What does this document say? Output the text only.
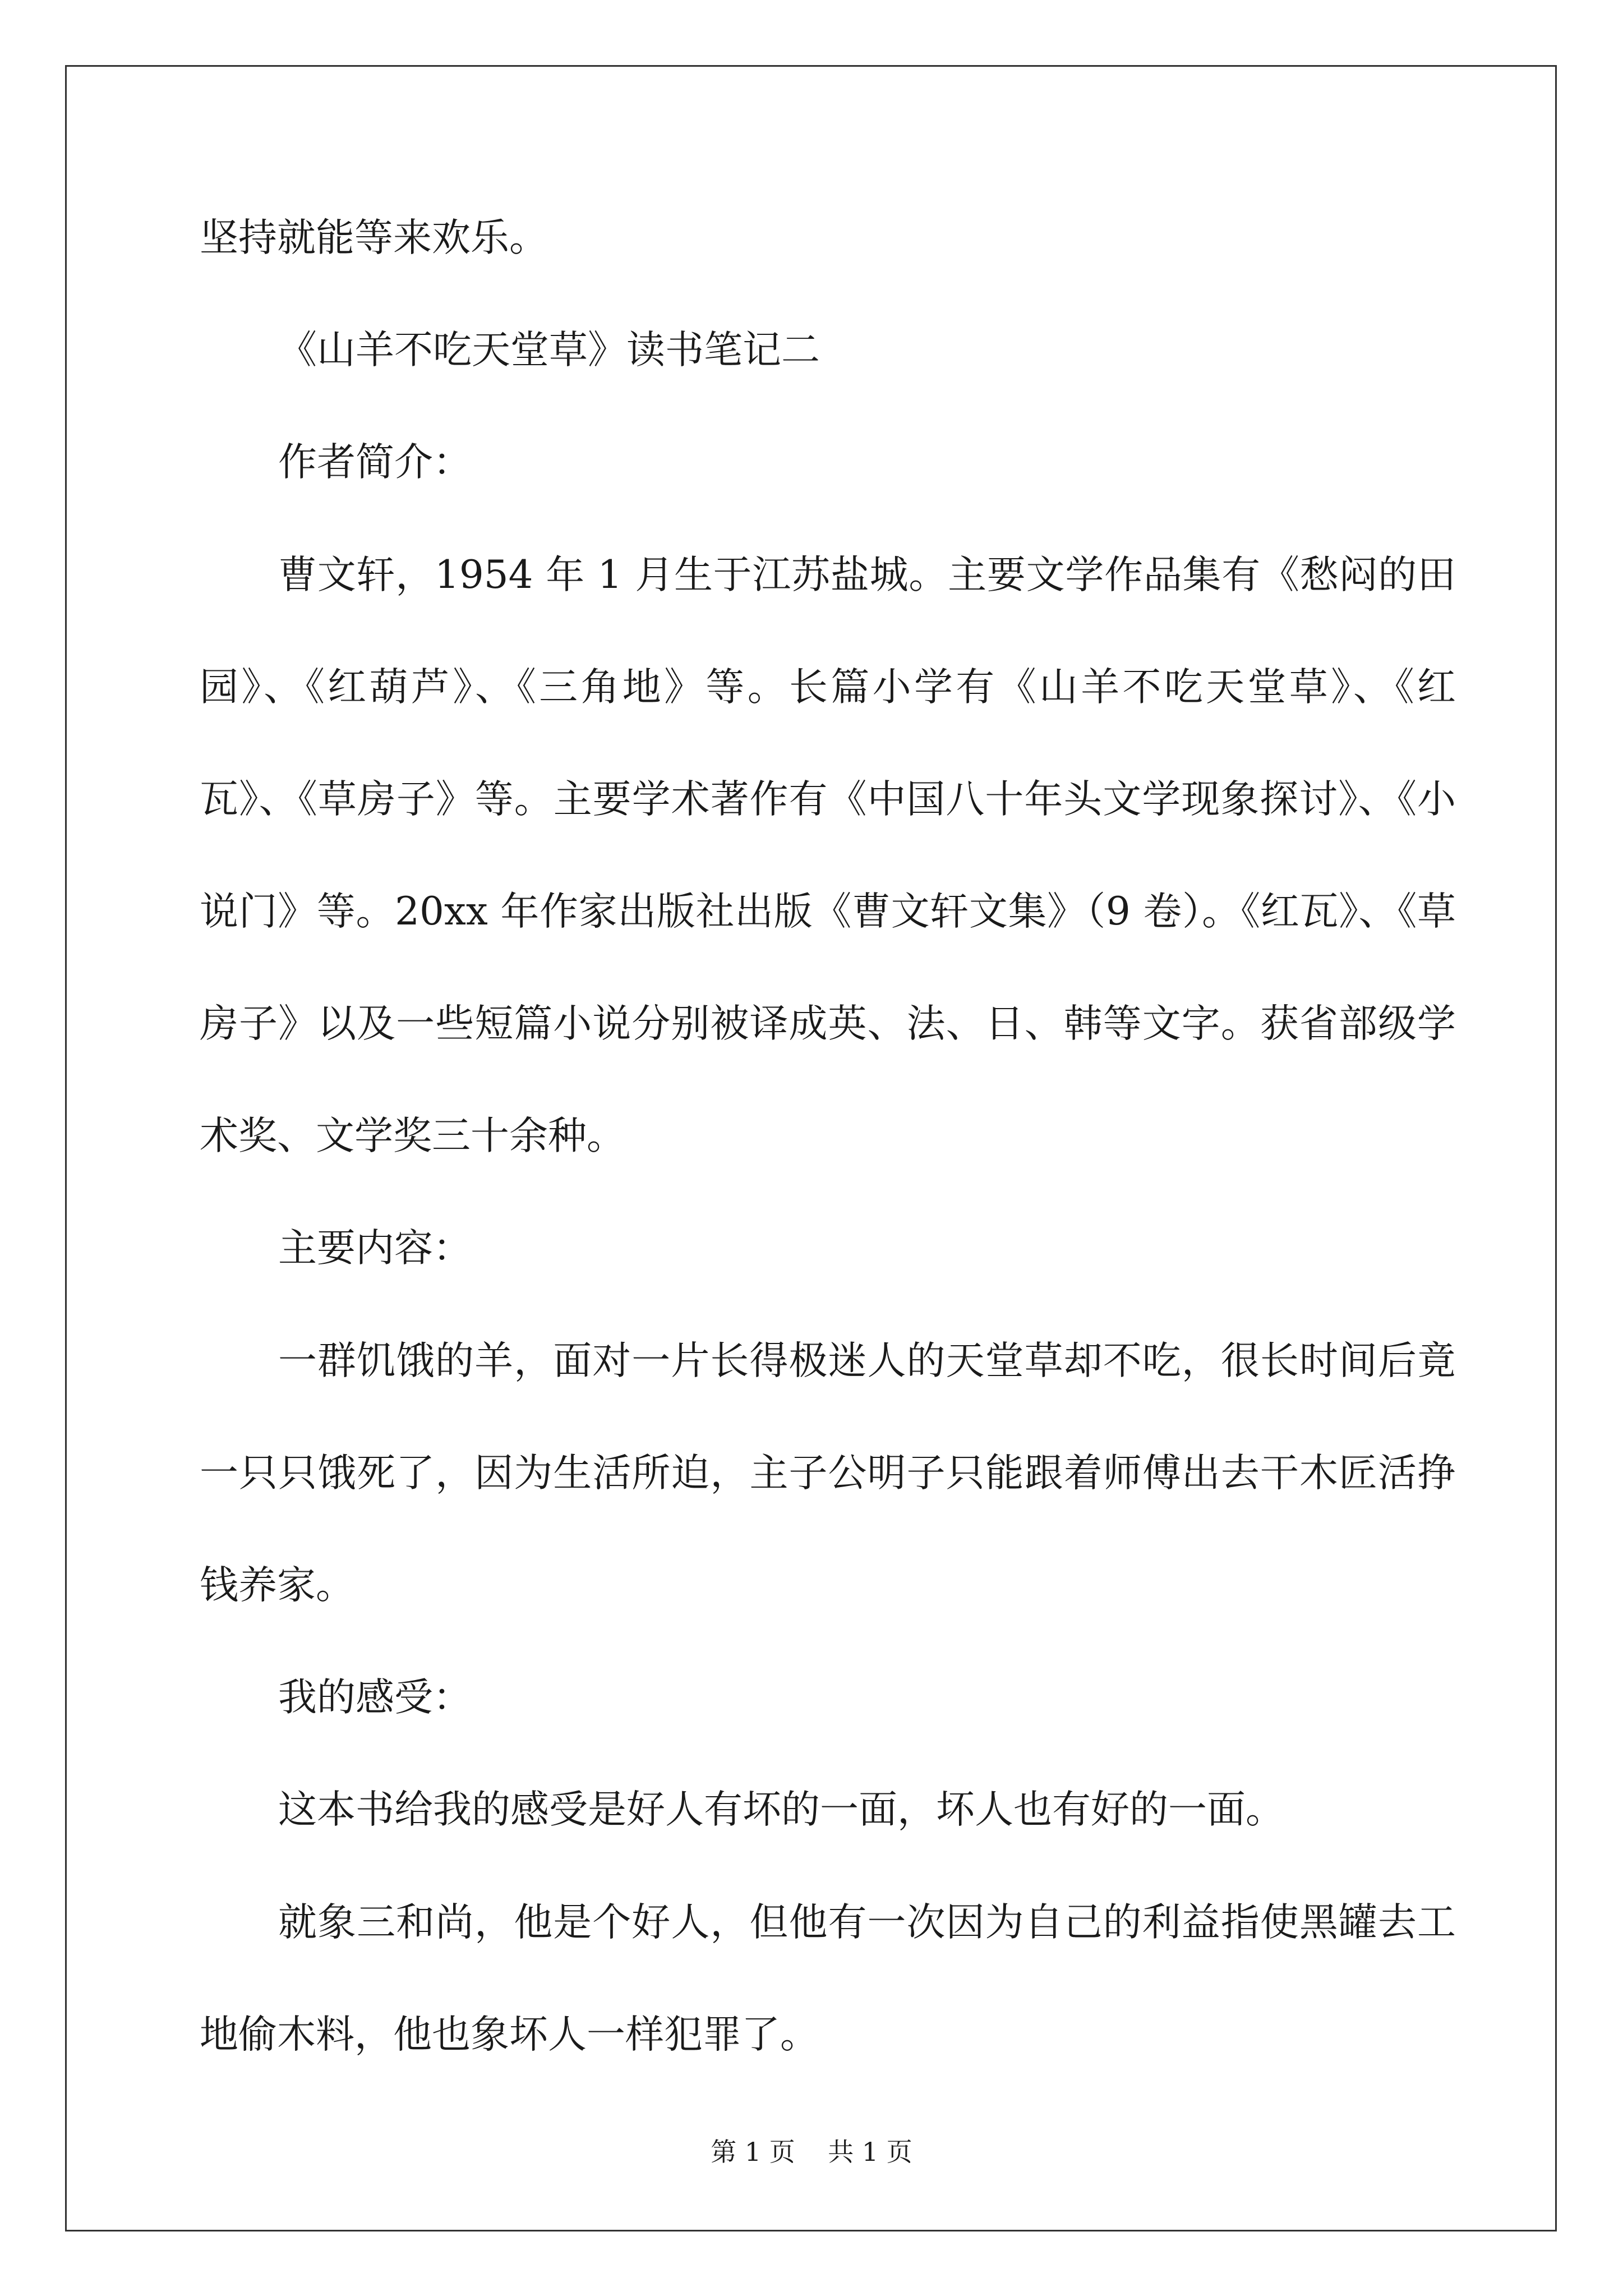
坚持就能等来欢乐。

《山羊不吃天堂草》读书笔记二

作者简介：

曹文轩，1954 年 1 月生于江苏盐城。主要文学作品集有《愁闷的田园》、《红葫芦》、《三角地》等。长篇小学有《山羊不吃天堂草》、《红瓦》、《草房子》等。主要学术著作有《中国八十年头文学现象探讨》、《小说门》等。20xx 年作家出版社出版《曹文轩文集》（9 卷）。《红瓦》、《草房子》以及一些短篇小说分别被译成英、法、日、韩等文字。获省部级学术奖、文学奖三十余种。

主要内容：

一群饥饿的羊，面对一片长得极迷人的天堂草却不吃，很长时间后竟一只只饿死了，因为生活所迫，主子公明子只能跟着师傅出去干木匠活挣钱养家。

我的感受：

这本书给我的感受是好人有坏的一面，坏人也有好的一面。

就象三和尚，他是个好人，但他有一次因为自己的利益指使黑罐去工地偷木料，他也象坏人一样犯罪了。

第 1 页 共 1 页
